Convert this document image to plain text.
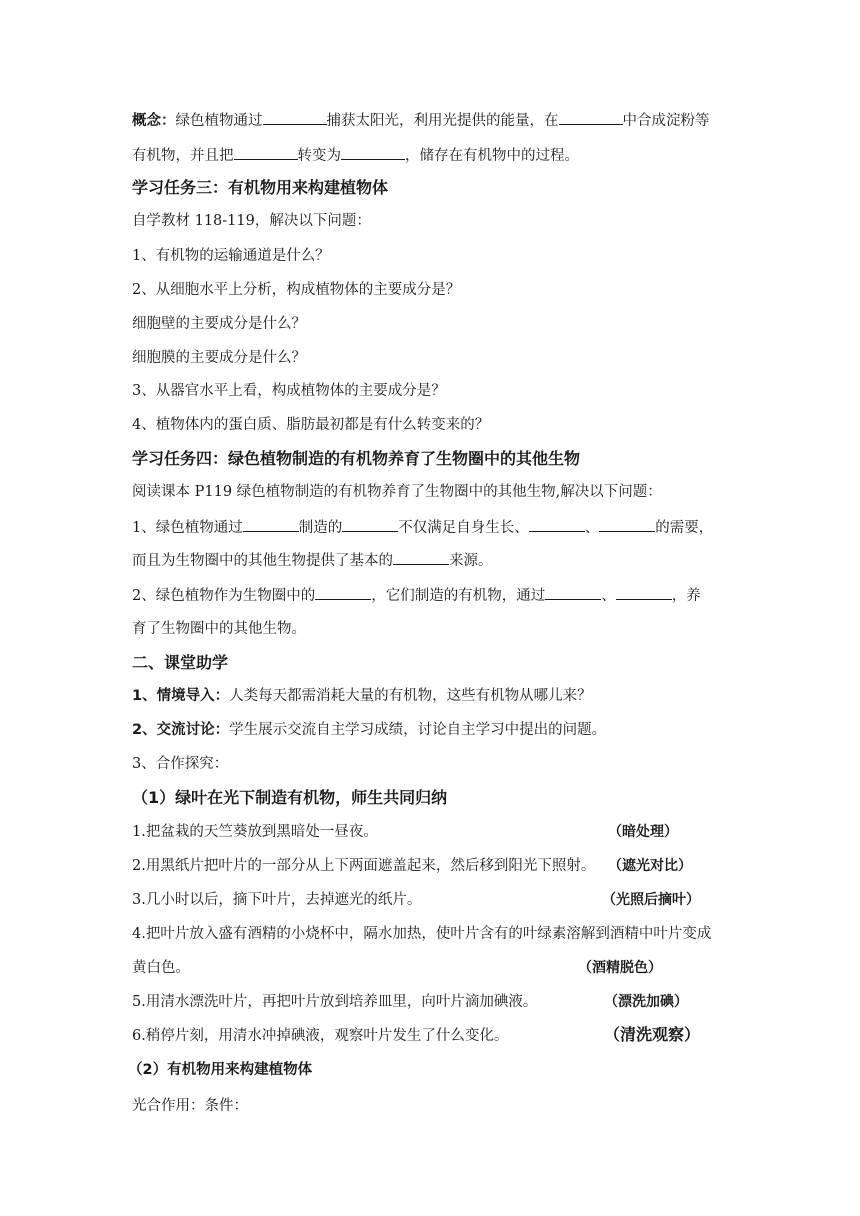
概念：绿色植物通过	捕获太阳光，利用光提供的能量，在	中合成淀粉等
有机物，并且把	转变为	，储存在有机物中的过程。
学习任务三：有机物用来构建植物体
自学教材 118-119，解决以下问题：
1、有机物的运输通道是什么？
2、从细胞水平上分析，构成植物体的主要成分是？
细胞壁的主要成分是什么？
细胞膜的主要成分是什么？
3、从器官水平上看，构成植物体的主要成分是？
4、植物体内的蛋白质、脂肪最初都是有什么转变来的？
学习任务四：绿色植物制造的有机物养育了生物圈中的其他生物
阅读课本 P119 绿色植物制造的有机物养育了生物圈中的其他生物,解决以下问题：
1、绿色植物通过	制造的	不仅满足自身生长、	、	的需要，
而且为生物圈中的其他生物提供了基本的	来源。
2、绿色植物作为生物圈中的	，它们制造的有机物，通过	、	，养
育了生物圈中的其他生物。
二、课堂助学
1、情境导入：人类每天都需消耗大量的有机物，这些有机物从哪儿来？
2、交流讨论：学生展示交流自主学习成绩，讨论自主学习中提出的问题。
3、合作探究：
（1）绿叶在光下制造有机物，师生共同归纳
1.把盆栽的天竺葵放到黑暗处一昼夜。	（暗处理）
2.用黑纸片把叶片的一部分从上下两面遮盖起来，然后移到阳光下照射。 （遮光对比）
3.几小时以后，摘下叶片，去掉遮光的纸片。	（光照后摘叶）
4.把叶片放入盛有酒精的小烧杯中，隔水加热，使叶片含有的叶绿素溶解到酒精中叶片变成
黄白色。	（酒精脱色）
5.用清水漂洗叶片，再把叶片放到培养皿里，向叶片滴加碘液。	（漂洗加碘）
6.稍停片刻，用清水冲掉碘液，观察叶片发生了什么变化。	（清洗观察）
（2）有机物用来构建植物体
光合作用：条件：
